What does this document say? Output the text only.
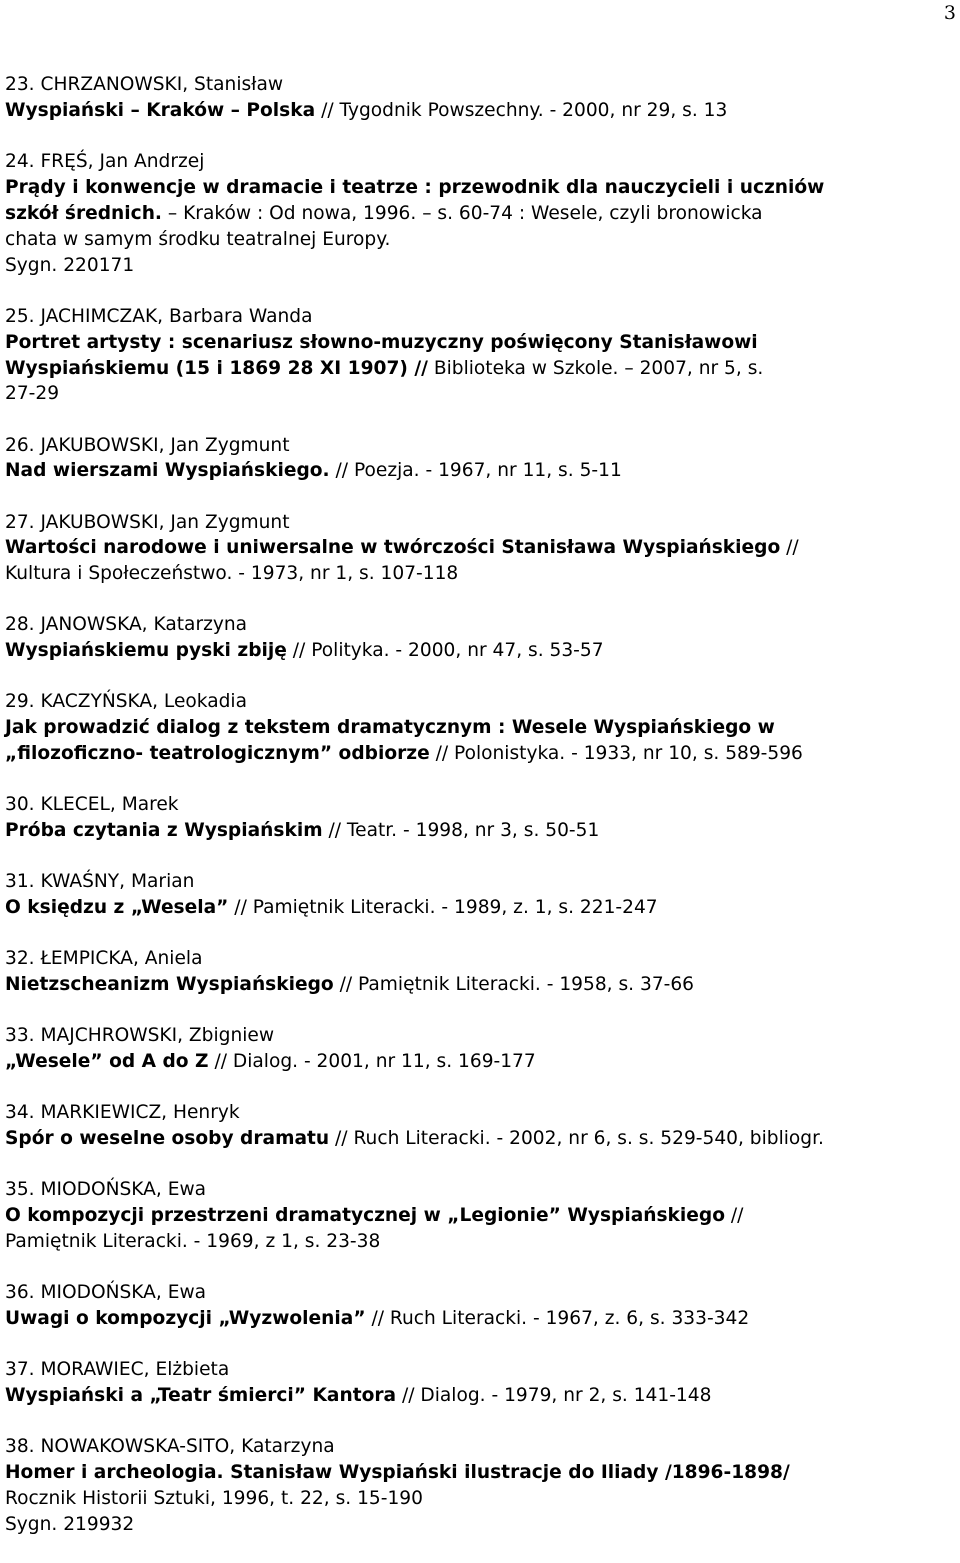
3
23. CHRZANOWSKI, Stanisław
Wyspiański – Kraków – Polska // Tygodnik Powszechny. - 2000, nr 29, s. 13
24. FRĘŚ, Jan Andrzej
Prądy i konwencje w dramacie i teatrze : przewodnik dla nauczycieli i uczniów
szkół średnich. – Kraków : Od nowa, 1996. – s. 60-74 : Wesele, czyli bronowicka
chata w samym środku teatralnej Europy.
Sygn. 220171
25. JACHIMCZAK, Barbara Wanda
Portret artysty : scenariusz słowno-muzyczny poświęcony Stanisławowi
Wyspiańskiemu (15 i 1869 28 XI 1907) // Biblioteka w Szkole. – 2007, nr 5, s.
27-29
26. JAKUBOWSKI, Jan Zygmunt
Nad wierszami Wyspiańskiego. // Poezja. - 1967, nr 11, s. 5-11
27. JAKUBOWSKI, Jan Zygmunt
Wartości narodowe i uniwersalne w twórczości Stanisława Wyspiańskiego //
Kultura i Społeczeństwo. - 1973, nr 1, s. 107-118
28. JANOWSKA, Katarzyna
Wyspiańskiemu pyski zbiję // Polityka. - 2000, nr 47, s. 53-57
29. KACZYŃSKA, Leokadia
Jak prowadzić dialog z tekstem dramatycznym : Wesele Wyspiańskiego w
„filozoficzno- teatrologicznym” odbiorze // Polonistyka. - 1933, nr 10, s. 589-596
30. KLECEL, Marek
Próba czytania z Wyspiańskim // Teatr. - 1998, nr 3, s. 50-51
31. KWAŚNY, Marian
O księdzu z „Wesela” // Pamiętnik Literacki. - 1989, z. 1, s. 221-247
32. ŁEMPICKA, Aniela
Nietzscheanizm Wyspiańskiego // Pamiętnik Literacki. - 1958, s. 37-66
33. MAJCHROWSKI, Zbigniew
„Wesele” od A do Z // Dialog. - 2001, nr 11, s. 169-177
34. MARKIEWICZ, Henryk
Spór o weselne osoby dramatu // Ruch Literacki. - 2002, nr 6, s. s. 529-540, bibliogr.
35. MIODOŃSKA, Ewa
O kompozycji przestrzeni dramatycznej w „Legionie” Wyspiańskiego //
Pamiętnik Literacki. - 1969, z 1, s. 23-38
36. MIODOŃSKA, Ewa
Uwagi o kompozycji „Wyzwolenia” // Ruch Literacki. - 1967, z. 6, s. 333-342
37. MORAWIEC, Elżbieta
Wyspiański a „Teatr śmierci” Kantora // Dialog. - 1979, nr 2, s. 141-148
38. NOWAKOWSKA-SITO, Katarzyna
Homer i archeologia. Stanisław Wyspiański ilustracje do Iliady /1896-1898/
Rocznik Historii Sztuki, 1996, t. 22, s. 15-190
Sygn. 219932
